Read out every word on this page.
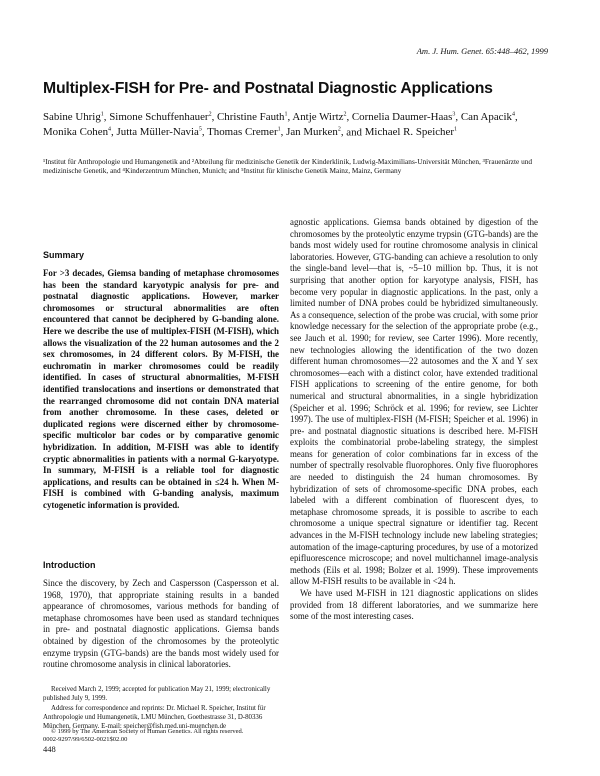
Am. J. Hum. Genet. 65:448–462, 1999
Multiplex-FISH for Pre- and Postnatal Diagnostic Applications
Sabine Uhrig$^1$, Simone Schuffenhauer$^2$, Christine Fauth$^1$, Antje Wirtz$^2$, Cornelia Daumer-Haas$^3$, Can Apacik$^4$, Monika Cohen$^4$, Jutta Müller-Navia$^5$, Thomas Cremer$^1$, Jan Murken$^2$, and Michael R. Speicher$^1$
¹Institut für Anthropologie und Humangenetik and ²Abteilung für medizinische Genetik der Kinderklinik, Ludwig-Maximilians-Universität München, ³Frauenärzte und medizinische Genetik, and ⁴Kinderzentrum München, Munich; and ⁵Institut für klinische Genetik Mainz, Mainz, Germany
Summary

For >3 decades, Giemsa banding of metaphase chromosomes has been the standard karyotypic analysis for pre- and postnatal diagnostic applications. However, marker chromosomes or structural abnormalities are often encountered that cannot be deciphered by G-banding alone. Here we describe the use of multiplex-FISH (M-FISH), which allows the visualization of the 22 human autosomes and the 2 sex chromosomes, in 24 different colors. By M-FISH, the euchromatin in marker chromosomes could be readily identified. In cases of structural abnormalities, M-FISH identified translocations and insertions or demonstrated that the rearranged chromosome did not contain DNA material from another chromosome. In these cases, deleted or duplicated regions were discerned either by chromosome-specific multicolor bar codes or by comparative genomic hybridization. In addition, M-FISH was able to identify cryptic abnormalities in patients with a normal G-karyotype. In summary, M-FISH is a reliable tool for diagnostic applications, and results can be obtained in ≤24 h. When M-FISH is combined with G-banding analysis, maximum cytogenetic information is provided.

Introduction

Since the discovery, by Zech and Caspersson (Caspersson et al. 1968, 1970), that appropriate staining results in a banded appearance of chromosomes, various methods for banding of metaphase chromosomes have been used as standard techniques in pre- and postnatal diagnostic applications. Giemsa bands obtained by digestion of the chromosomes by the proteolytic enzyme trypsin (GTG-bands) are the bands most widely used for routine chromosome analysis in clinical laboratories.

agnostic applications. Giemsa bands obtained by digestion of the chromosomes by the proteolytic enzyme trypsin (GTG-bands) are the bands most widely used for routine chromosome analysis in clinical laboratories. However, GTG-banding can achieve a resolution to only the single-band level—that is, ~5–10 million bp. Thus, it is not surprising that another option for karyotype analysis, FISH, has become very popular in diagnostic applications. In the past, only a limited number of DNA probes could be hybridized simultaneously. As a consequence, selection of the probe was crucial, with some prior knowledge necessary for the selection of the appropriate probe (e.g., see Jauch et al. 1990; for review, see Carter 1996). More recently, new technologies allowing the identification of the two dozen different human chromosomes—22 autosomes and the X and Y sex chromosomes—each with a distinct color, have extended traditional FISH applications to screening of the entire genome, for both numerical and structural abnormalities, in a single hybridization (Speicher et al. 1996; Schröck et al. 1996; for review, see Lichter 1997). The use of multiplex-FISH (M-FISH; Speicher et al. 1996) in pre- and postnatal diagnostic situations is described here. M-FISH exploits the combinatorial probe-labeling strategy, the simplest means for generation of color combinations far in excess of the number of spectrally resolvable fluorophores. Only five fluorophores are needed to distinguish the 24 human chromosomes. By hybridization of sets of chromosome-specific DNA probes, each labeled with a different combination of fluorescent dyes, to metaphase chromosome spreads, it is possible to ascribe to each chromosome a unique spectral signature or identifier tag. Recent advances in the M-FISH technology include new labeling strategies; automation of the image-capturing procedures, by use of a motorized epifluorescence microscope; and novel multichannel image-analysis methods (Eils et al. 1998; Bolzer et al. 1999). These improvements allow M-FISH results to be available in <24 h.

We have used M-FISH in 121 diagnostic applications on slides provided from 18 different laboratories, and we summarize here some of the most interesting cases.

Received March 2, 1999; accepted for publication May 21, 1999; electronically published July 9, 1999.

Address for correspondence and reprints: Dr. Michael R. Speicher, Institut für Anthropologie und Humangenetik, LMU München, Goethestrasse 31, D-80336 München, Germany. E-mail: speicher@fish.med.uni-muenchen.de

© 1999 by The American Society of Human Genetics. All rights reserved.
0002-9297/99/6502-0021$02.00
448
